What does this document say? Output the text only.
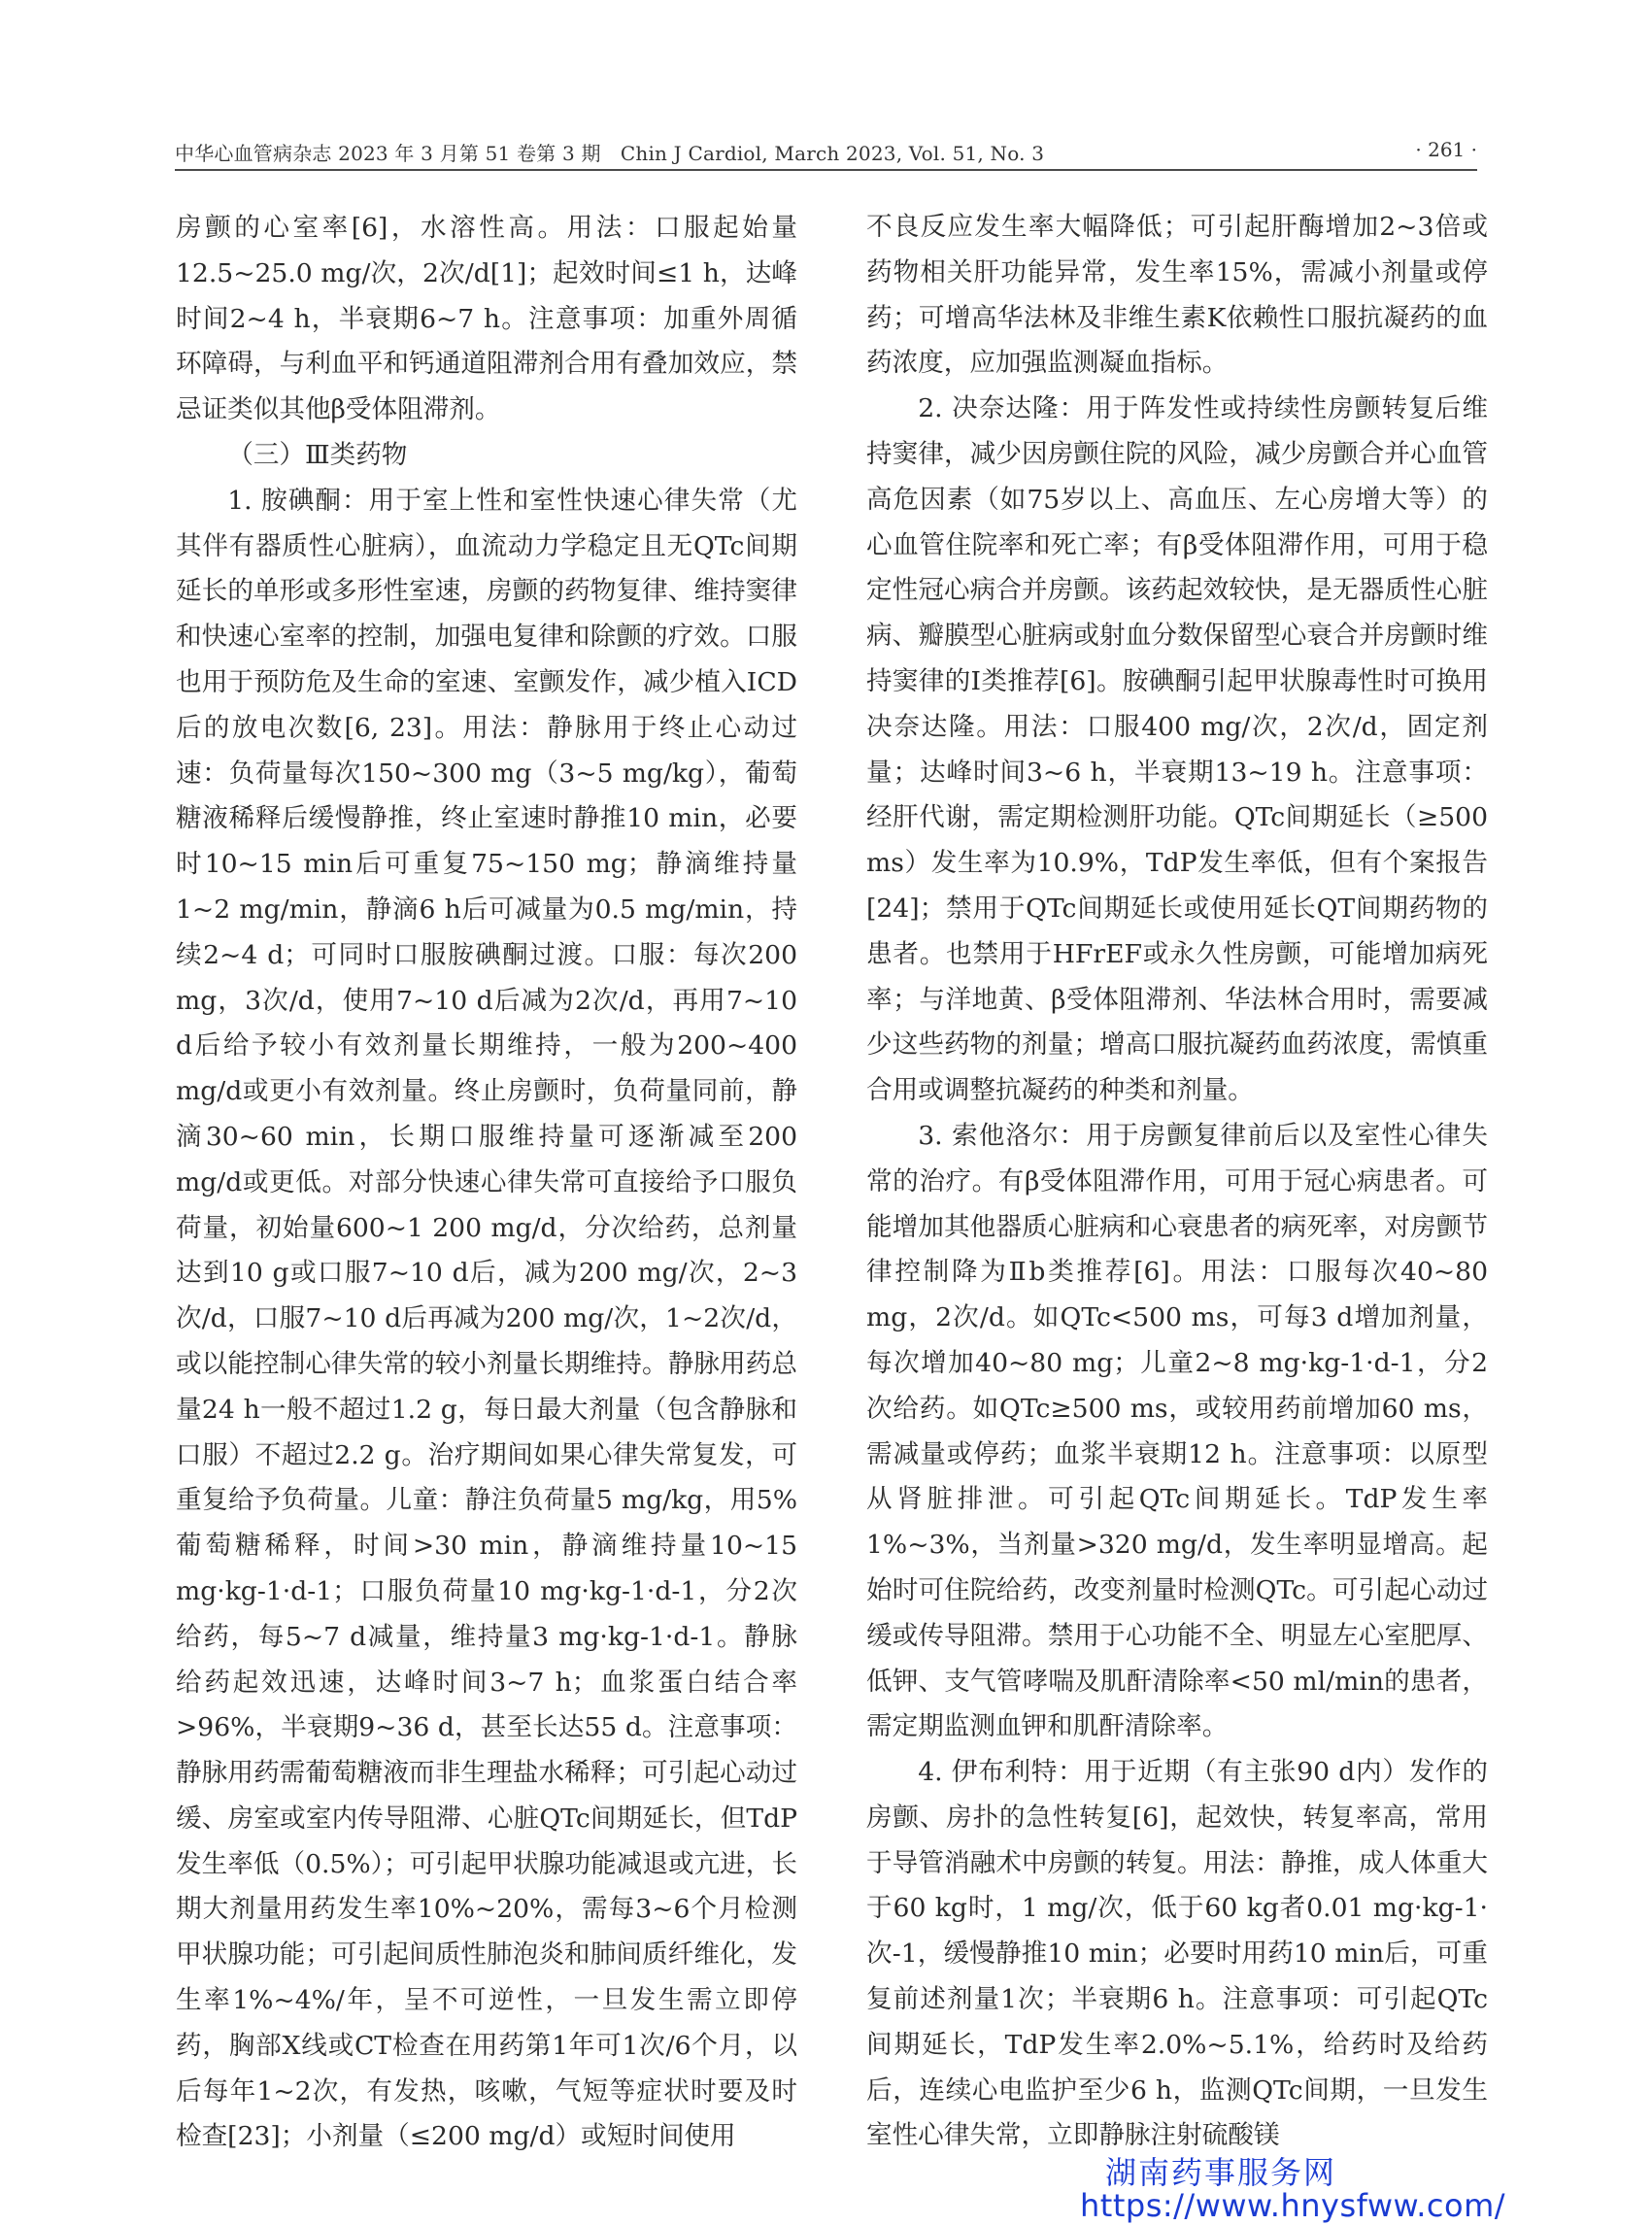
中华心血管病杂志 2023 年 3 月第 51 卷第 3 期　Chin J Cardiol, March 2023, Vol. 51, No. 3	· 261 ·

房颤的心室率[6]，水溶性高。用法：口服起始量12.5~25.0 mg/次，2次/d[1]；起效时间≤1 h，达峰时间2~4 h，半衰期6~7 h。注意事项：加重外周循环障碍，与利血平和钙通道阻滞剂合用有叠加效应，禁忌证类似其他β受体阻滞剂。

（三）Ⅲ类药物

1. 胺碘酮：用于室上性和室性快速心律失常（尤其伴有器质性心脏病），血流动力学稳定且无QTc间期延长的单形或多形性室速，房颤的药物复律、维持窦律和快速心室率的控制，加强电复律和除颤的疗效。口服也用于预防危及生命的室速、室颤发作，减少植入ICD后的放电次数[6, 23]。用法：静脉用于终止心动过速：负荷量每次150~300 mg（3~5 mg/kg），葡萄糖液稀释后缓慢静推，终止室速时静推10 min，必要时10~15 min后可重复75~150 mg；静滴维持量1~2 mg/min，静滴6 h后可减量为0.5 mg/min，持续2~4 d；可同时口服胺碘酮过渡。口服：每次200 mg，3次/d，使用7~10 d后减为2次/d，再用7~10 d后给予较小有效剂量长期维持，一般为200~400 mg/d或更小有效剂量。终止房颤时，负荷量同前，静滴30~60 min，长期口服维持量可逐渐减至200 mg/d或更低。对部分快速心律失常可直接给予口服负荷量，初始量600~1 200 mg/d，分次给药，总剂量达到10 g或口服7~10 d后，减为200 mg/次，2~3次/d，口服7~10 d后再减为200 mg/次，1~2次/d，或以能控制心律失常的较小剂量长期维持。静脉用药总量24 h一般不超过1.2 g，每日最大剂量（包含静脉和口服）不超过2.2 g。治疗期间如果心律失常复发，可重复给予负荷量。儿童：静注负荷量5 mg/kg，用5%葡萄糖稀释，时间>30 min，静滴维持量10~15 mg·kg-1·d-1；口服负荷量10 mg·kg-1·d-1，分2次给药，每5~7 d减量，维持量3 mg·kg-1·d-1。静脉给药起效迅速，达峰时间3~7 h；血浆蛋白结合率>96%，半衰期9~36 d，甚至长达55 d。注意事项：静脉用药需葡萄糖液而非生理盐水稀释；可引起心动过缓、房室或室内传导阻滞、心脏QTc间期延长，但TdP发生率低（0.5%）；可引起甲状腺功能减退或亢进，长期大剂量用药发生率10%~20%，需每3~6个月检测甲状腺功能；可引起间质性肺泡炎和肺间质纤维化，发生率1%~4%/年，呈不可逆性，一旦发生需立即停药，胸部X线或CT检查在用药第1年可1次/6个月，以后每年1~2次，有发热，咳嗽，气短等症状时要及时检查[23]；小剂量（≤200 mg/d）或短时间使用

不良反应发生率大幅降低；可引起肝酶增加2~3倍或药物相关肝功能异常，发生率15%，需减小剂量或停药；可增高华法林及非维生素K依赖性口服抗凝药的血药浓度，应加强监测凝血指标。

2. 决奈达隆：用于阵发性或持续性房颤转复后维持窦律，减少因房颤住院的风险，减少房颤合并心血管高危因素（如75岁以上、高血压、左心房增大等）的心血管住院率和死亡率；有β受体阻滞作用，可用于稳定性冠心病合并房颤。该药起效较快，是无器质性心脏病、瓣膜型心脏病或射血分数保留型心衰合并房颤时维持窦律的Ⅰ类推荐[6]。胺碘酮引起甲状腺毒性时可换用决奈达隆。用法：口服400 mg/次，2次/d，固定剂量；达峰时间3~6 h，半衰期13~19 h。注意事项：经肝代谢，需定期检测肝功能。QTc间期延长（≥500 ms）发生率为10.9%，TdP发生率低，但有个案报告[24]；禁用于QTc间期延长或使用延长QT间期药物的患者。也禁用于HFrEF或永久性房颤，可能增加病死率；与洋地黄、β受体阻滞剂、华法林合用时，需要减少这些药物的剂量；增高口服抗凝药血药浓度，需慎重合用或调整抗凝药的种类和剂量。

3. 索他洛尔：用于房颤复律前后以及室性心律失常的治疗。有β受体阻滞作用，可用于冠心病患者。可能增加其他器质心脏病和心衰患者的病死率，对房颤节律控制降为Ⅱb类推荐[6]。用法：口服每次40~80 mg，2次/d。如QTc<500 ms，可每3 d增加剂量，每次增加40~80 mg；儿童2~8 mg·kg-1·d-1，分2次给药。如QTc≥500 ms，或较用药前增加60 ms，需减量或停药；血浆半衰期12 h。注意事项：以原型从肾脏排泄。可引起QTc间期延长。TdP发生率1%~3%，当剂量>320 mg/d，发生率明显增高。起始时可住院给药，改变剂量时检测QTc。可引起心动过缓或传导阻滞。禁用于心功能不全、明显左心室肥厚、低钾、支气管哮喘及肌酐清除率<50 ml/min的患者，需定期监测血钾和肌酐清除率。

4. 伊布利特：用于近期（有主张90 d内）发作的房颤、房扑的急性转复[6]，起效快，转复率高，常用于导管消融术中房颤的转复。用法：静推，成人体重大于60 kg时，1 mg/次，低于60 kg者0.01 mg·kg-1·次-1，缓慢静推10 min；必要时用药10 min后，可重复前述剂量1次；半衰期6 h。注意事项：可引起QTc间期延长，TdP发生率2.0%~5.1%，给药时及给药后，连续心电监护至少6 h，监测QTc间期，一旦发生室性心律失常，立即静脉注射硫酸镁

湖南药事服务网
https://www.hnysfww.com/
